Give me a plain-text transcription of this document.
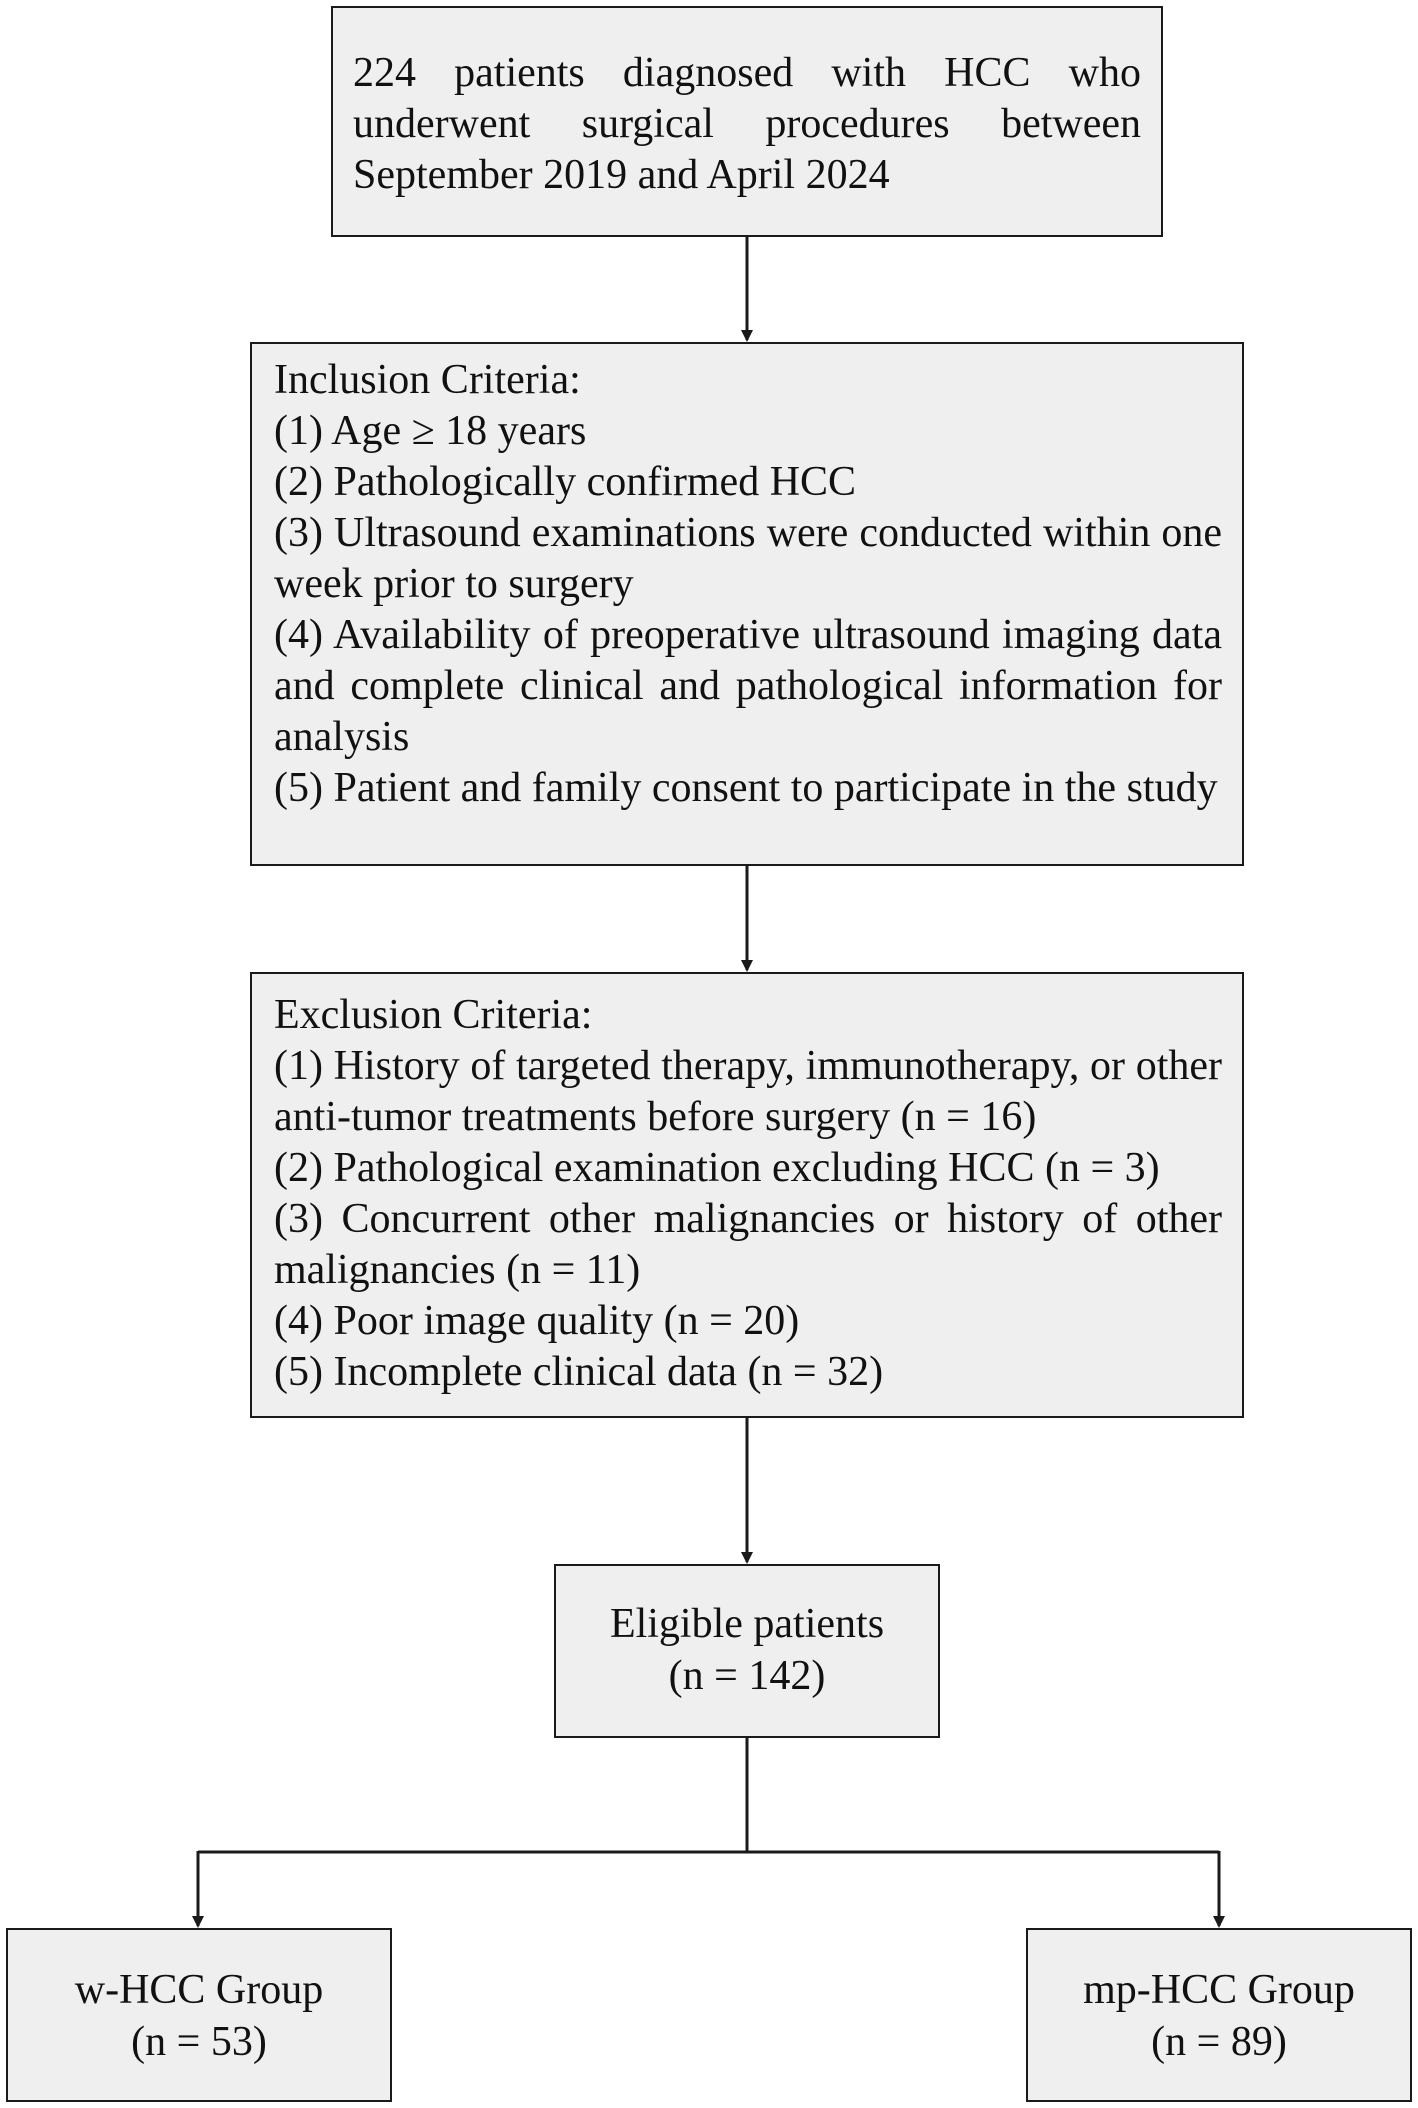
224 patients diagnosed with HCC who underwent surgical procedures between September 2019 and April 2024

Inclusion Criteria:

(1) Age ≥ 18 years

(2) Pathologically confirmed HCC

(3) Ultrasound examinations were conducted within one week prior to surgery

(4) Availability of preoperative ultrasound imaging data and complete clinical and pathological information for analysis

(5) Patient and family consent to participate in the study

Exclusion Criteria:

(1) History of targeted therapy, immunotherapy, or other anti-tumor treatments before surgery (n = 16)

(2) Pathological examination excluding HCC (n = 3)

(3) Concurrent other malignancies or history of other malignancies (n = 11)

(4) Poor image quality (n = 20)

(5) Incomplete clinical data (n = 32)

Eligible patients
(n = 142)
w-HCC Group
(n = 53)
mp-HCC Group
(n = 89)
